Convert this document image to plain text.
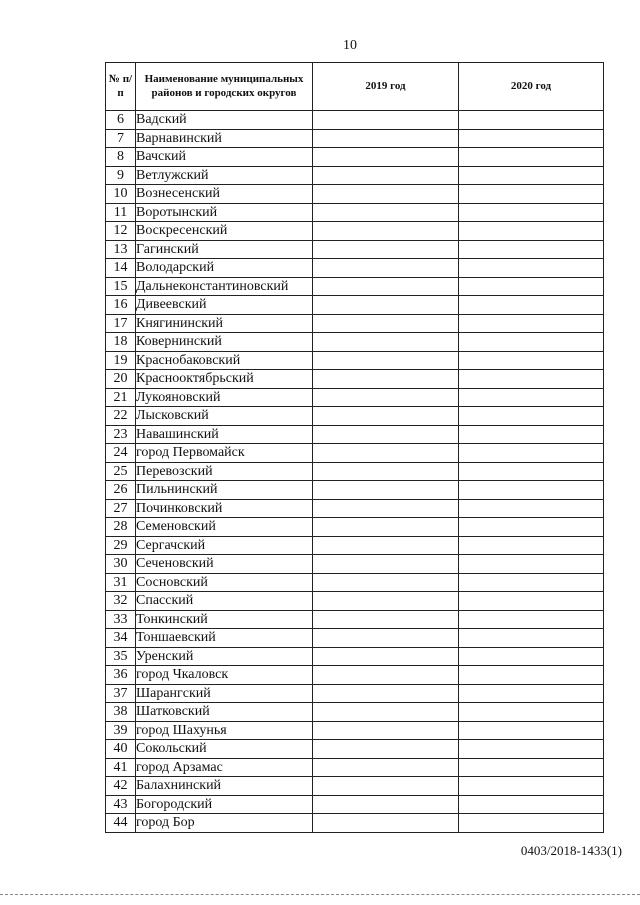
10
№ п/п	Наименование муниципальных районов и городских округов	2019 год	2020 год
6	Вадский		
7	Варнавинский		
8	Вачский		
9	Ветлужский		
10	Вознесенский		
11	Воротынский		
12	Воскресенский		
13	Гагинский		
14	Володарский		
15	Дальнеконстантиновский		
16	Дивеевский		
17	Княгининский		
18	Ковернинский		
19	Краснобаковский		
20	Краснооктябрьский		
21	Лукояновский		
22	Лысковский		
23	Навашинский		
24	город Первомайск		
25	Перевозский		
26	Пильнинский		
27	Починковский		
28	Семеновский		
29	Сергачский		
30	Сеченовский		
31	Сосновский		
32	Спасский		
33	Тонкинский		
34	Тоншаевский		
35	Уренский		
36	город Чкаловск		
37	Шарангский		
38	Шатковский		
39	город Шахунья		
40	Сокольский		
41	город Арзамас		
42	Балахнинский		
43	Богородский		
44	город Бор		
0403/2018-1433(1)
